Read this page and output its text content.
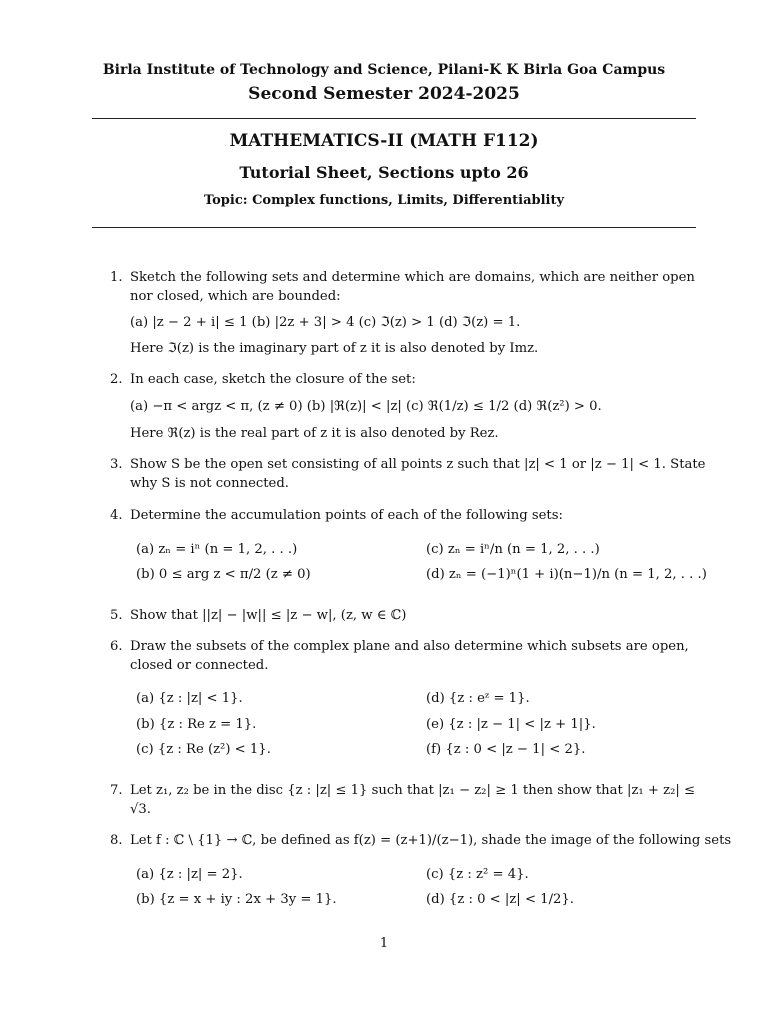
Birla Institute of Technology and Science, Pilani-K K Birla Goa Campus
Second Semester 2024-2025
MATHEMATICS-II (MATH F112)
Tutorial Sheet, Sections upto 26
Topic: Complex functions, Limits, Differentiablity
1. Sketch the following sets and determine which are domains, which are neither open
nor closed, which are bounded:
(a) |z − 2 + i| ≤ 1 (b) |2z + 3| > 4 (c) ℑ(z) > 1 (d) ℑ(z) = 1.
Here ℑ(z) is the imaginary part of z it is also denoted by Imz.
2. In each case, sketch the closure of the set:
(a) −π < argz < π, (z ≠ 0) (b) |ℜ(z)| < |z| (c) ℜ(1/z) ≤ 1/2 (d) ℜ(z²) > 0.
Here ℜ(z) is the real part of z it is also denoted by Rez.
3. Show S be the open set consisting of all points z such that |z| < 1 or |z − 1| < 1. State
why S is not connected.
4. Determine the accumulation points of each of the following sets:
(a) zₙ = iⁿ (n = 1, 2, . . .)
(b) 0 ≤ arg z < π/2 (z ≠ 0)
(c) zₙ = iⁿ/n (n = 1, 2, . . .)
(d) zₙ = (−1)ⁿ(1 + i)(n−1)/n (n = 1, 2, . . .)
5. Show that ||z| − |w|| ≤ |z − w|, (z, w ∈ ℂ)
6. Draw the subsets of the complex plane and also determine which subsets are open,
closed or connected.
(a) {z : |z| < 1}.
(b) {z : Re z = 1}.
(c) {z : Re (z²) < 1}.
(d) {z : eᶻ = 1}.
(e) {z : |z − 1| < |z + 1|}.
(f) {z : 0 < |z − 1| < 2}.
7. Let z₁, z₂ be in the disc {z : |z| ≤ 1} such that |z₁ − z₂| ≥ 1 then show that |z₁ + z₂| ≤
√3.
8. Let f : ℂ \ {1} → ℂ, be defined as f(z) = (z+1)/(z−1), shade the image of the following sets
(a) {z : |z| = 2}.
(b) {z = x + iy : 2x + 3y = 1}.
(c) {z : z² = 4}.
(d) {z : 0 < |z| < 1/2}.
1
